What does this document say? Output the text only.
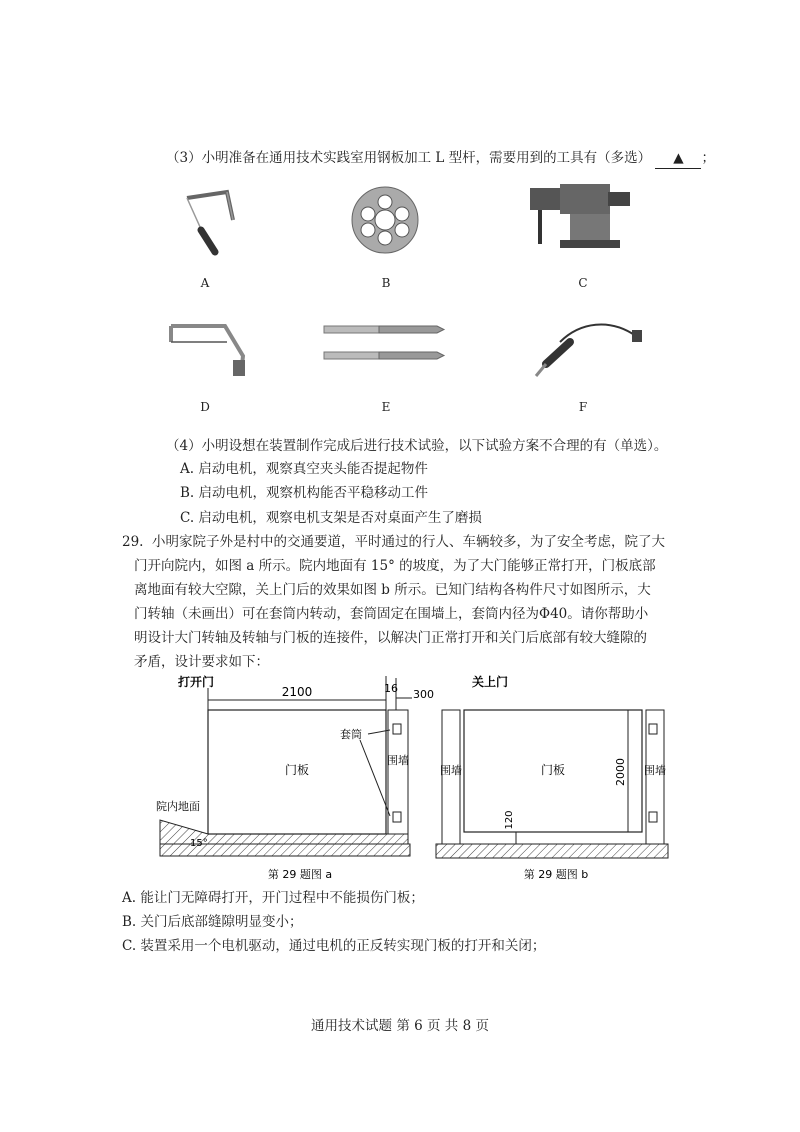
（3）小明准备在通用技术实践室用钢板加工 L 型杆，需要用到的工具有（多选） ▲ ；
A	B	C
D	E	F
（4）小明设想在装置制作完成后进行技术试验，以下试验方案不合理的有（单选）。
A. 启动电机，观察真空夹头能否提起物件
B. 启动电机，观察机构能否平稳移动工件
C. 启动电机，观察电机支架是否对桌面产生了磨损
29. 小明家院子外是村中的交通要道，平时通过的行人、车辆较多，为了安全考虑，院了大
门开向院内，如图 a 所示。院内地面有 15° 的坡度，为了大门能够正常打开，门板底部
离地面有较大空隙，关上门后的效果如图 b 所示。已知门结构各构件尺寸如图所示，大
门转轴（未画出）可在套筒内转动，套筒固定在围墙上，套筒内径为Φ40。请你帮助小
明设计大门转轴及转轴与门板的连接件，以解决门正常打开和关门后底部有较大缝隙的
矛盾，设计要求如下：
打开门
2100	16 300
门板
围墙
套筒
院内地面
15°
第 29 题图 a
关上门
围墙	门板	围墙
2000
120
第 29 题图 b
A. 能让门无障碍打开，开门过程中不能损伤门板；
B. 关门后底部缝隙明显变小；
C. 装置采用一个电机驱动，通过电机的正反转实现门板的打开和关闭；
通用技术试题 第 6 页 共 8 页
